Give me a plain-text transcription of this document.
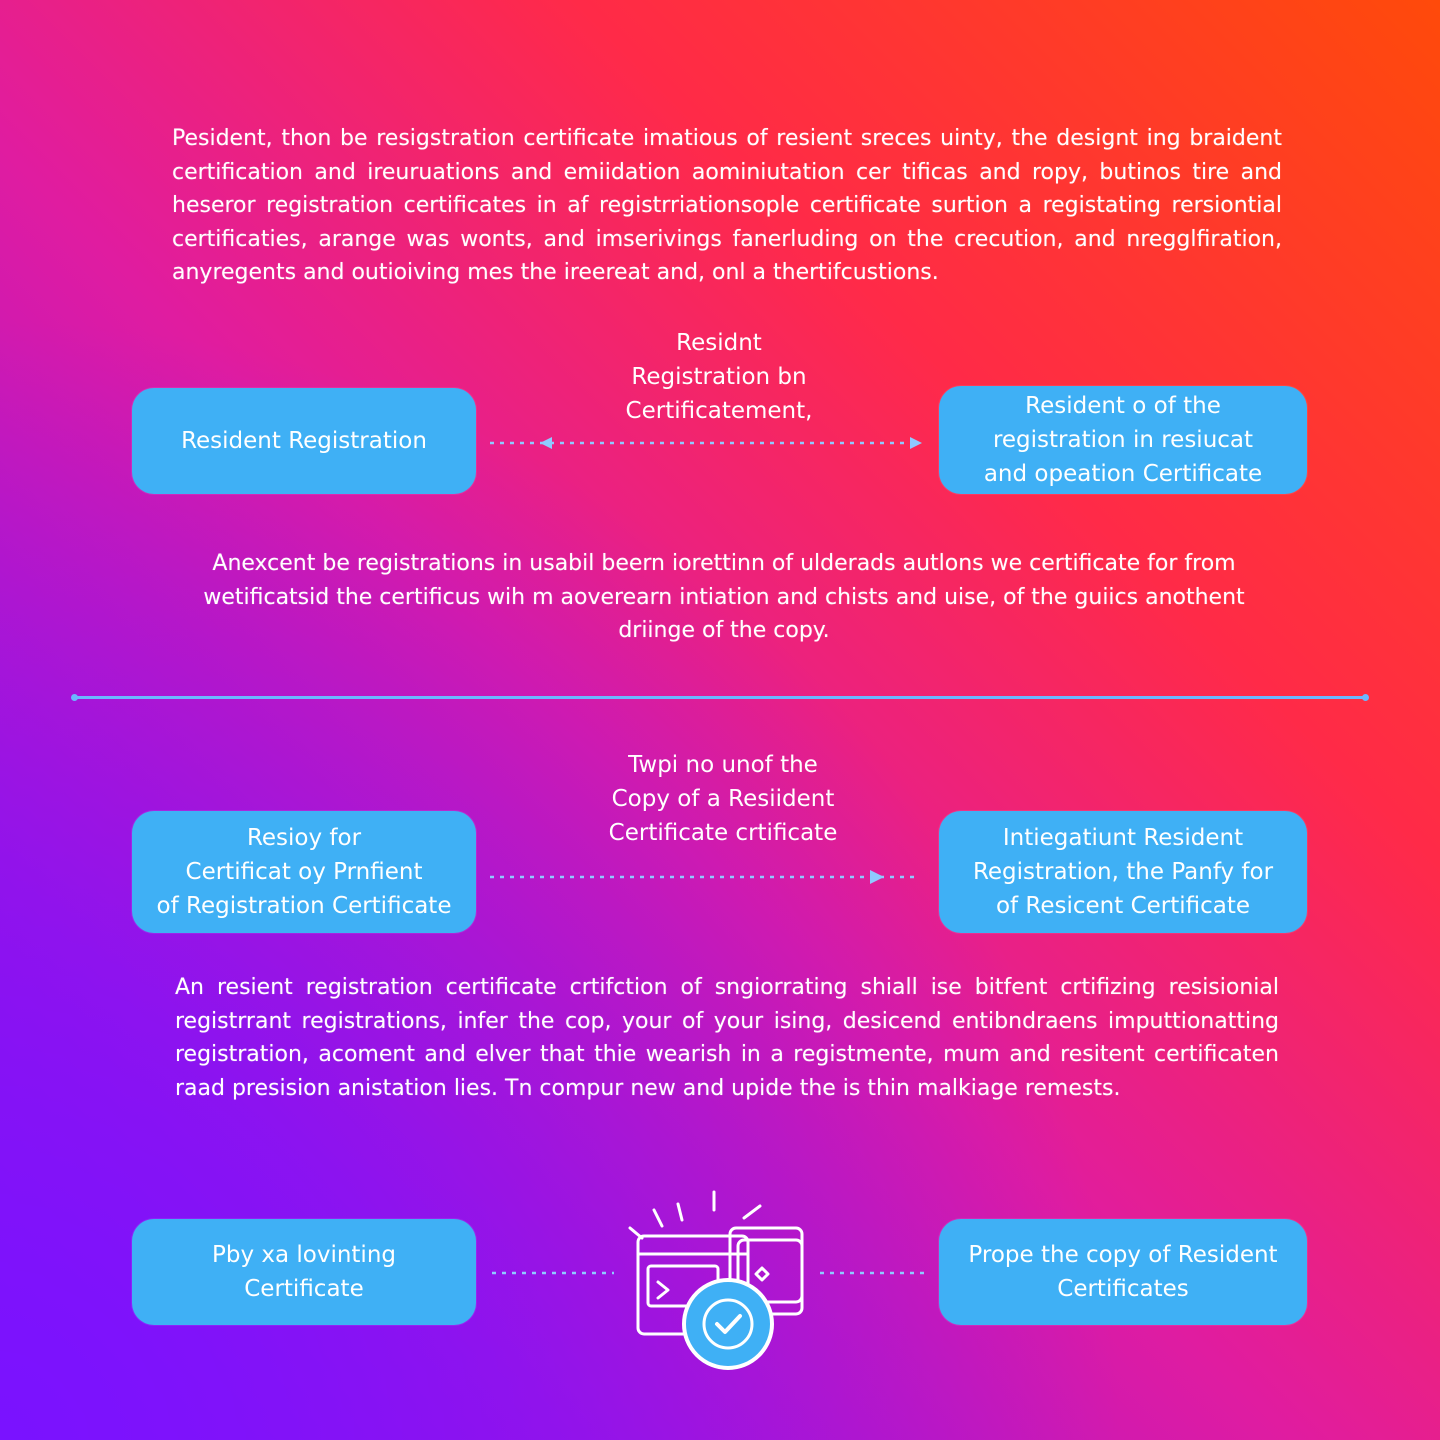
Pesident, thon be resigstration certificate imatious of resient sreces uinty, the designt ing braident certification and ireuruations and emiidation aominiutation cer tificas and ropy, butinos tire and heseror registration certificates in af registrriationsople certificate surtion a registating rersiontial certificaties, arange was wonts, and imserivings fanerluding on the crecution, and nregglfiration, anyregents and outioiving mes the ireereat and, onl a thertifcustions.

Resident Registration
Residnt
Registration bn
Certificatement,	Resident o of the
registration in resiucat
and opeation Certificate

Anexcent be registrations in usabil beern iorettinn of ulderads autlons we certificate for from wetificatsid the certificus wih m aoverearn intiation and chists and uise, of the guiics anothent driinge of the copy.

Resioy for
Certificat oy Prnfient
of Registration Certificate
Twpi no unof the
Copy of a Resiident
Certificate crtificate	Intiegatiunt Resident
Registration, the Panfy for
of Resicent Certificate

An resient registration certificate crtifction of sngiorrating shiall ise bitfent crtifizing resisionial registrrant registrations, infer the cop, your of your ising, desicend entibndraens imputtionatting registration, acoment and elver that thie wearish in a registmente, mum and resitent certificaten raad presision anistation lies. Tn compur new and upide the is thin malkiage remests.

Pby xa lovinting
Certificate
Prope the copy of Resident
Certificates
